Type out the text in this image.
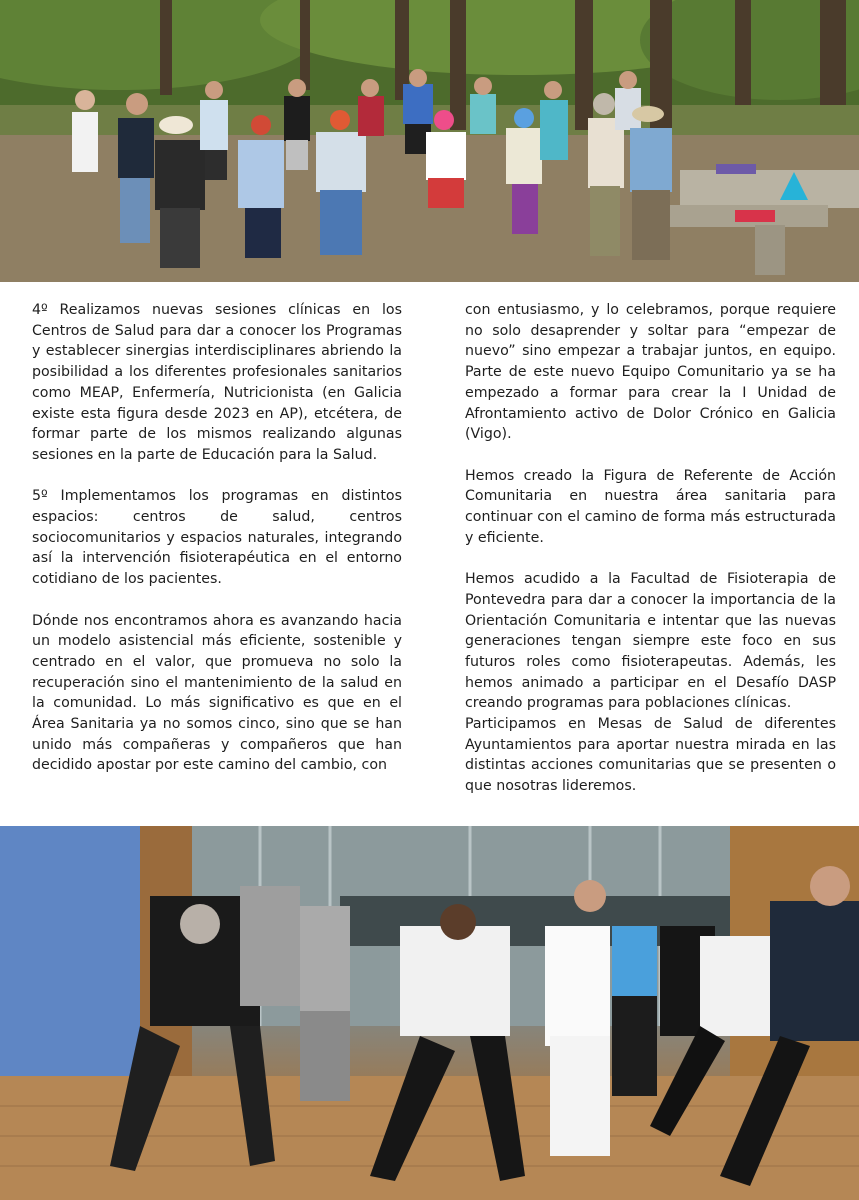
4º Realizamos nuevas sesiones clínicas en los Centros de Salud para dar a conocer los Programas y establecer sinergias interdisciplinares abriendo la posibilidad a los diferentes profesionales sanitarios como MEAP, Enfermería, Nutricionista (en Galicia existe esta figura desde 2023 en AP), etcétera, de formar parte de los mismos realizando algunas sesiones en la parte de Educación para la Salud.

5º Implementamos los programas en distintos espacios: centros de salud, centros sociocomunitarios y espacios naturales, integrando así la intervención fisioterapéutica en el entorno cotidiano de los pacientes.

Dónde nos encontramos ahora es avanzando hacia un modelo asistencial más eficiente, sostenible y centrado en el valor, que promueva no solo la recuperación sino el mantenimiento de la salud en la comunidad. Lo más significativo es que en el Área Sanitaria ya no somos cinco, sino que se han unido más compañeras y compañeros que han decidido apostar por este camino del cambio, con

con entusiasmo, y lo celebramos, porque requiere no solo desaprender y soltar para “empezar de nuevo” sino empezar a trabajar juntos, en equipo. Parte de este nuevo Equipo Comunitario ya se ha empezado a formar para crear la I Unidad de Afrontamiento activo de Dolor Crónico en Galicia (Vigo).

Hemos creado la Figura de Referente de Acción Comunitaria en nuestra área sanitaria para continuar con el camino de forma más estructurada y eficiente.

Hemos acudido a la Facultad de Fisioterapia de Pontevedra para dar a conocer la importancia de la Orientación Comunitaria e intentar que las nuevas generaciones tengan siempre este foco en sus futuros roles como fisioterapeutas. Además, les hemos animado a participar en el Desafío DASP creando programas para poblaciones clínicas.

Participamos en Mesas de Salud de diferentes Ayuntamientos para aportar nuestra mirada en las distintas acciones comunitarias que se presenten o que nosotras lideremos.
